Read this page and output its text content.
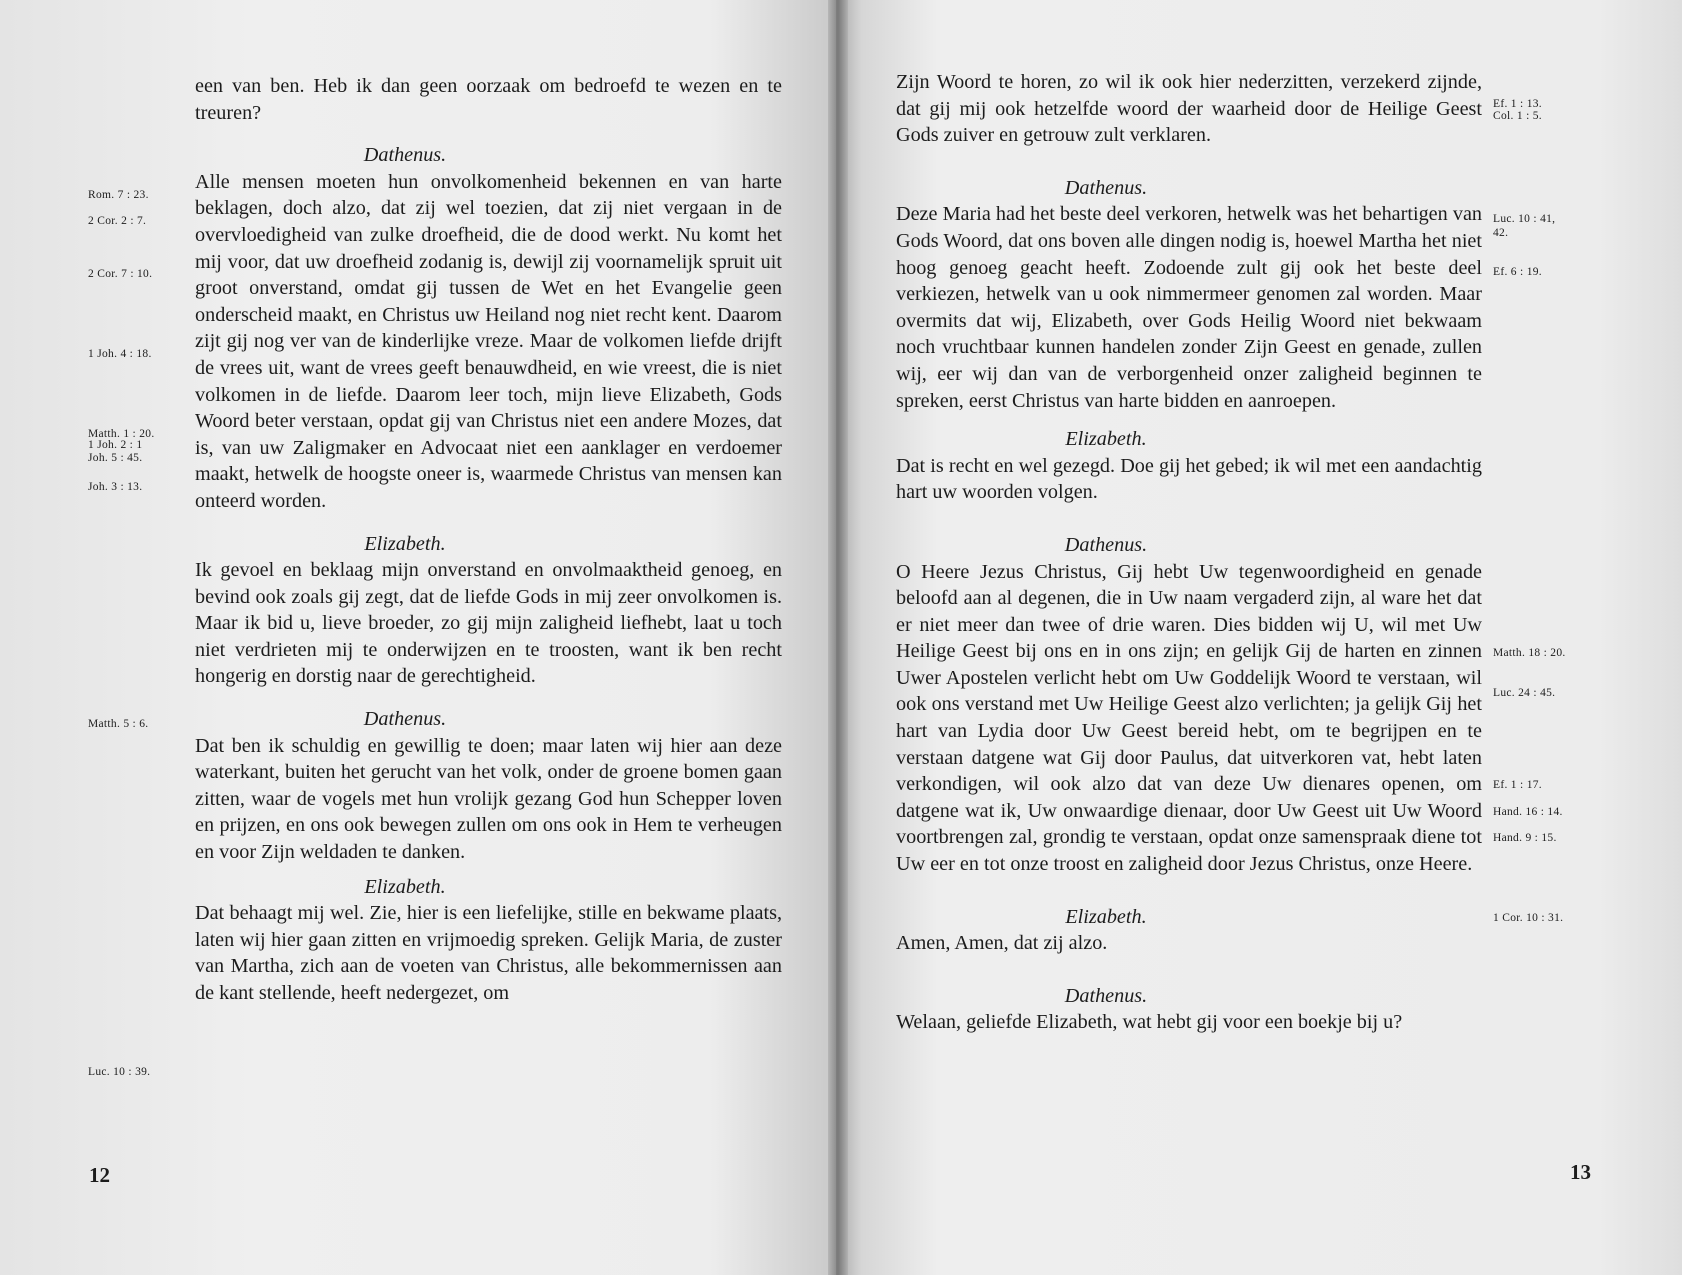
een van ben. Heb ik dan geen oorzaak om bedroefd te wezen en te treuren?

Dathenus.

Alle mensen moeten hun onvolkomenheid bekennen en van harte beklagen, doch alzo, dat zij wel toezien, dat zij niet vergaan in de overvloedigheid van zulke droefheid, die de dood werkt. Nu komt het mij voor, dat uw droefheid zodanig is, dewijl zij voornamelijk spruit uit groot onverstand, omdat gij tussen de Wet en het Evangelie geen onderscheid maakt, en Christus uw Heiland nog niet recht kent. Daarom zijt gij nog ver van de kinderlijke vreze. Maar de volkomen liefde drijft de vrees uit, want de vrees geeft benauwdheid, en wie vreest, die is niet volkomen in de liefde. Daarom leer toch, mijn lieve Elizabeth, Gods Woord beter verstaan, opdat gij van Christus niet een andere Mozes, dat is, van uw Zaligmaker en Advocaat niet een aanklager en verdoemer maakt, hetwelk de hoogste oneer is, waarmede Christus van mensen kan onteerd worden.

Elizabeth.

Ik gevoel en beklaag mijn onverstand en onvolmaaktheid genoeg, en bevind ook zoals gij zegt, dat de liefde Gods in mij zeer onvolkomen is. Maar ik bid u, lieve broeder, zo gij mijn zaligheid liefhebt, laat u toch niet verdrieten mij te onderwijzen en te troosten, want ik ben recht hongerig en dorstig naar de gerechtigheid.

Dathenus.

Dat ben ik schuldig en gewillig te doen; maar laten wij hier aan deze waterkant, buiten het gerucht van het volk, onder de groene bomen gaan zitten, waar de vogels met hun vrolijk gezang God hun Schepper loven en prijzen, en ons ook bewegen zullen om ons ook in Hem te verheugen en voor Zijn weldaden te danken.

Elizabeth.

Dat behaagt mij wel. Zie, hier is een liefelijke, stille en bekwame plaats, laten wij hier gaan zitten en vrijmoedig spreken. Gelijk Maria, de zuster van Martha, zich aan de voeten van Christus, alle bekommernissen aan de kant stellende, heeft nedergezet, om

Rom. 7 : 23.
2 Cor. 2 : 7.
2 Cor. 7 : 10.
1 Joh. 4 : 18.
Matth. 1 : 20.
1 Joh. 2 : 1
Joh. 5 : 45.
Joh. 3 : 13.
Matth. 5 : 6.
Luc. 10 : 39.
12

Zijn Woord te horen, zo wil ik ook hier nederzitten, verzekerd zijnde, dat gij mij ook hetzelfde woord der waarheid door de Heilige Geest Gods zuiver en getrouw zult verklaren.

Dathenus.

Deze Maria had het beste deel verkoren, hetwelk was het behartigen van Gods Woord, dat ons boven alle dingen nodig is, hoewel Martha het niet hoog genoeg geacht heeft. Zodoende zult gij ook het beste deel verkiezen, hetwelk van u ook nimmermeer genomen zal worden. Maar overmits dat wij, Elizabeth, over Gods Heilig Woord niet bekwaam noch vruchtbaar kunnen handelen zonder Zijn Geest en genade, zullen wij, eer wij dan van de verborgenheid onzer zaligheid beginnen te spreken, eerst Christus van harte bidden en aanroepen.

Elizabeth.

Dat is recht en wel gezegd. Doe gij het gebed; ik wil met een aandachtig hart uw woorden volgen.

Dathenus.

O Heere Jezus Christus, Gij hebt Uw tegenwoordigheid en genade beloofd aan al degenen, die in Uw naam vergaderd zijn, al ware het dat er niet meer dan twee of drie waren. Dies bidden wij U, wil met Uw Heilige Geest bij ons en in ons zijn; en gelijk Gij de harten en zinnen Uwer Apostelen verlicht hebt om Uw Goddelijk Woord te verstaan, wil ook ons verstand met Uw Heilige Geest alzo verlichten; ja gelijk Gij het hart van Lydia door Uw Geest bereid hebt, om te begrijpen en te verstaan datgene wat Gij door Paulus, dat uitverkoren vat, hebt laten verkondigen, wil ook alzo dat van deze Uw dienares openen, om datgene wat ik, Uw onwaardige dienaar, door Uw Geest uit Uw Woord voortbrengen zal, grondig te verstaan, opdat onze samenspraak diene tot Uw eer en tot onze troost en zaligheid door Jezus Christus, onze Heere.

Elizabeth.

Amen, Amen, dat zij alzo.

Dathenus.

Welaan, geliefde Elizabeth, wat hebt gij voor een boekje bij u?

Ef. 1 : 13.
Col. 1 : 5.
Luc. 10 : 41,
42.
Ef. 6 : 19.
Matth. 18 : 20.
Luc. 24 : 45.
Ef. 1 : 17.
Hand. 16 : 14.
Hand. 9 : 15.
1 Cor. 10 : 31.
13
